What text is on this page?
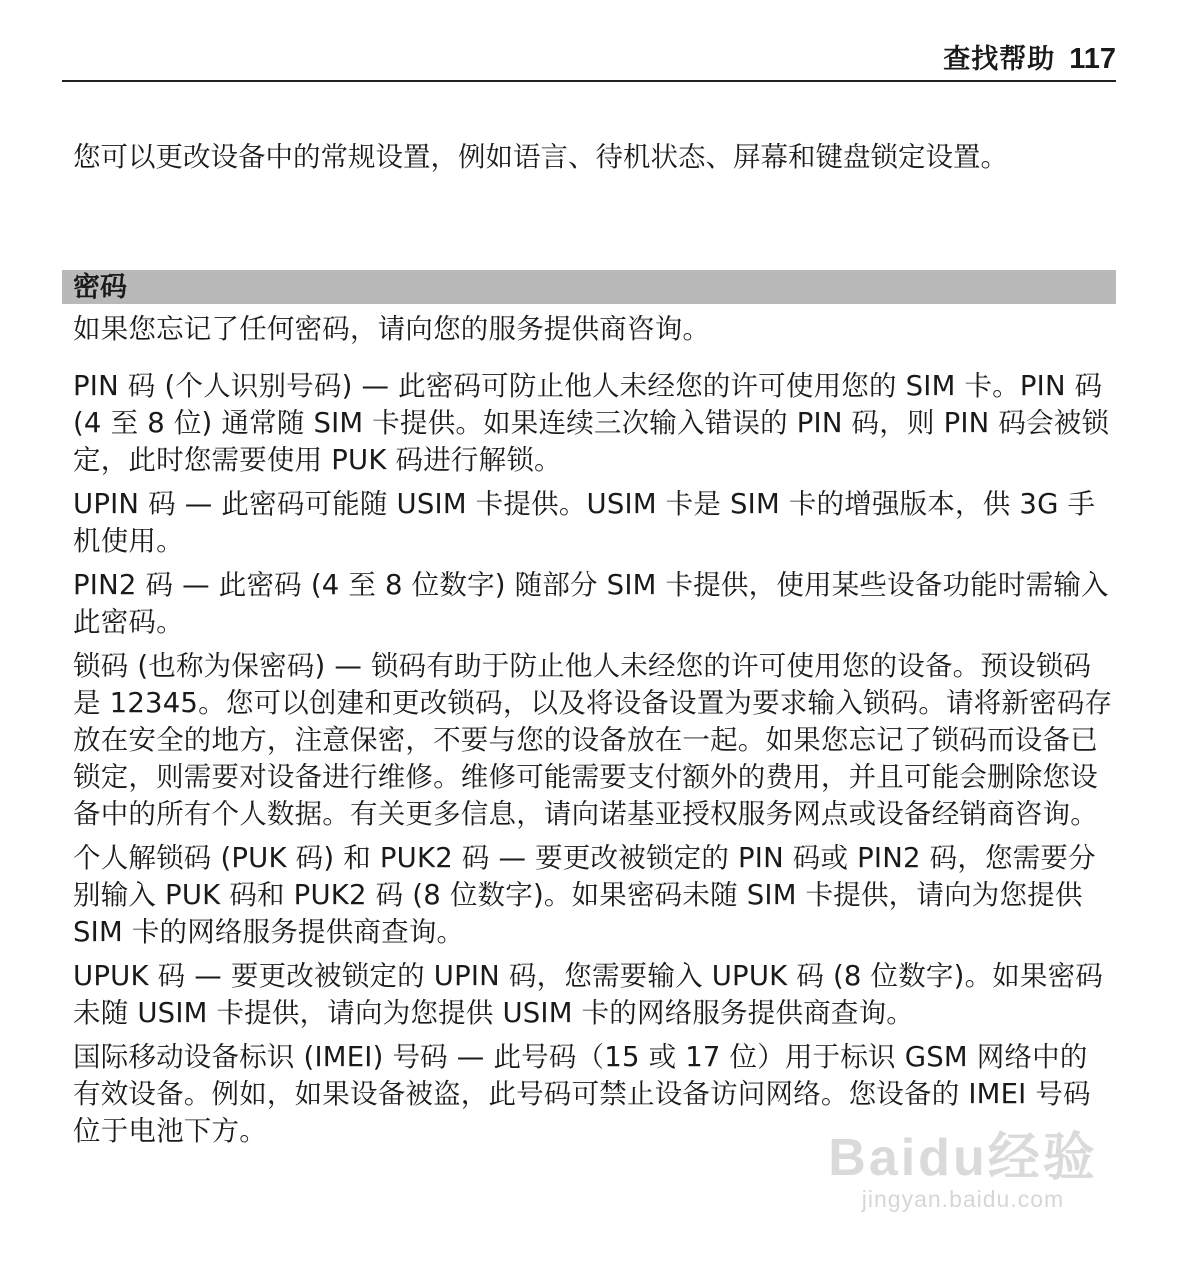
查找帮助 117

您可以更改设备中的常规设置，例如语言、待机状态、屏幕和键盘锁定设置。

密码

如果您忘记了任何密码，请向您的服务提供商咨询。

PIN 码 (个人识别号码) — 此密码可防止他人未经您的许可使用您的 SIM 卡。PIN 码 (4 至 8 位) 通常随 SIM 卡提供。如果连续三次输入错误的 PIN 码，则 PIN 码会被锁定，此时您需要使用 PUK 码进行解锁。

UPIN 码 — 此密码可能随 USIM 卡提供。USIM 卡是 SIM 卡的增强版本，供 3G 手机使用。

PIN2 码 — 此密码 (4 至 8 位数字) 随部分 SIM 卡提供，使用某些设备功能时需输入此密码。

锁码 (也称为保密码) — 锁码有助于防止他人未经您的许可使用您的设备。预设锁码是 12345。您可以创建和更改锁码，以及将设备设置为要求输入锁码。请将新密码存放在安全的地方，注意保密，不要与您的设备放在一起。如果您忘记了锁码而设备已锁定，则需要对设备进行维修。维修可能需要支付额外的费用，并且可能会删除您设备中的所有个人数据。有关更多信息，请向诺基亚授权服务网点或设备经销商咨询。

个人解锁码 (PUK 码) 和 PUK2 码 — 要更改被锁定的 PIN 码或 PIN2 码，您需要分别输入 PUK 码和 PUK2 码 (8 位数字)。如果密码未随 SIM 卡提供，请向为您提供 SIM 卡的网络服务提供商查询。

UPUK 码 — 要更改被锁定的 UPIN 码，您需要输入 UPUK 码 (8 位数字)。如果密码未随 USIM 卡提供，请向为您提供 USIM 卡的网络服务提供商查询。

国际移动设备标识 (IMEI) 号码 — 此号码（15 或 17 位）用于标识 GSM 网络中的有效设备。例如，如果设备被盗，此号码可禁止设备访问网络。您设备的 IMEI 号码位于电池下方。	Baidu经验
jingyan.baidu.com
